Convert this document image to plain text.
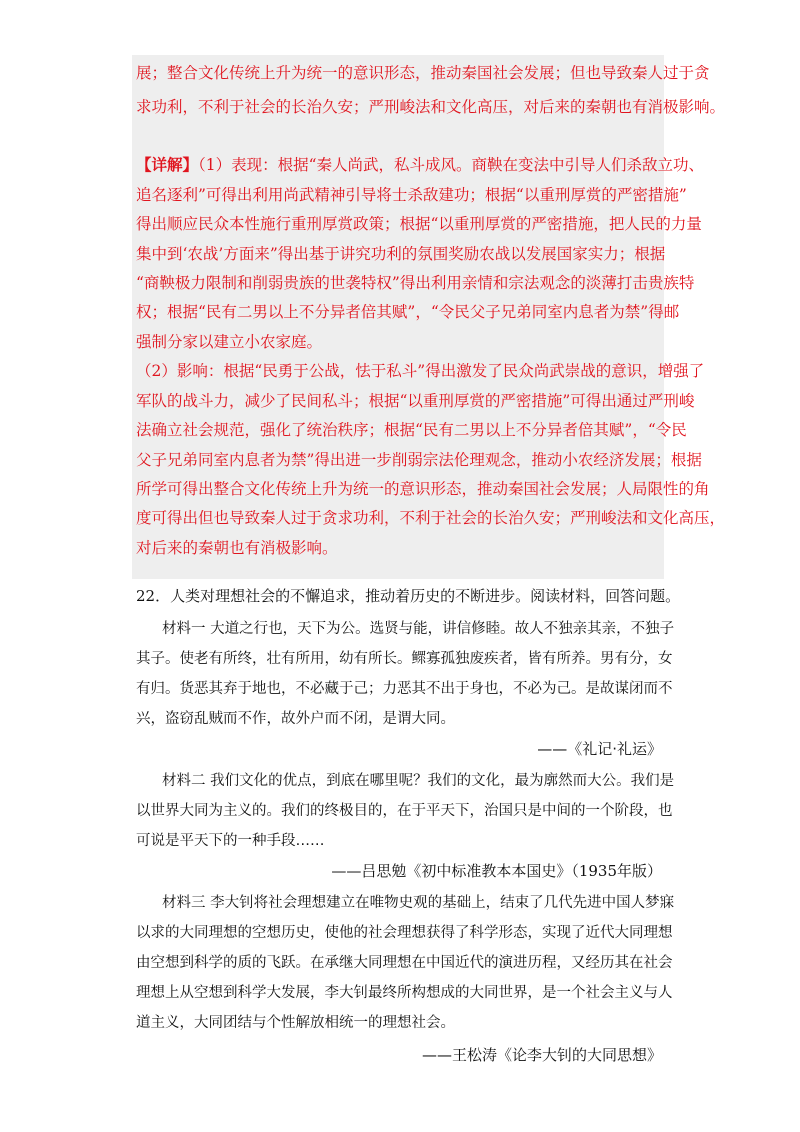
展；整合文化传统上升为统一的意识形态，推动秦国社会发展；但也导致秦人过于贪
求功利，不利于社会的长治久安；严刑峻法和文化高压，对后来的秦朝也有消极影响。
【详解】（1）表现：根据“秦人尚武，私斗成风。商鞅在变法中引导人们杀敌立功、
追名逐利”可得出利用尚武精神引导将士杀敌建功；根据“以重刑厚赏的严密措施”
得出顺应民众本性施行重刑厚赏政策；根据“以重刑厚赏的严密措施，把人民的力量
集中到‘农战’方面来”得出基于讲究功利的氛围奖励农战以发展国家实力；根据
“商鞅极力限制和削弱贵族的世袭特权”得出利用亲情和宗法观念的淡薄打击贵族特
权；根据“民有二男以上不分异者倍其赋”，“令民父子兄弟同室内息者为禁”得邮
强制分家以建立小农家庭。
（2）影响：根据“民勇于公战，怯于私斗”得出激发了民众尚武崇战的意识，增强了
军队的战斗力，减少了民间私斗；根据“以重刑厚赏的严密措施”可得出通过严刑峻
法确立社会规范，强化了统治秩序；根据“民有二男以上不分异者倍其赋”，“令民
父子兄弟同室内息者为禁”得出进一步削弱宗法伦理观念，推动小农经济发展；根据
所学可得出整合文化传统上升为统一的意识形态，推动秦国社会发展；人局限性的角
度可得出但也导致秦人过于贪求功利，不利于社会的长治久安；严刑峻法和文化高压，
对后来的秦朝也有消极影响。
22．人类对理想社会的不懈追求，推动着历史的不断进步。阅读材料，回答问题。
材料一 大道之行也，天下为公。选贤与能，讲信修睦。故人不独亲其亲，不独子
其子。使老有所终，壮有所用，幼有所长。鳏寡孤独废疾者，皆有所养。男有分，女
有归。货恶其弃于地也，不必藏于己；力恶其不出于身也，不必为己。是故谋闭而不
兴，盗窃乱贼而不作，故外户而不闭，是谓大同。
——《礼记·礼运》
材料二 我们文化的优点，到底在哪里呢？我们的文化，最为廓然而大公。我们是
以世界大同为主义的。我们的终极目的，在于平天下，治国只是中间的一个阶段，也
可说是平天下的一种手段……
——吕思勉《初中标准教本本国史》（1935年版）
材料三 李大钊将社会理想建立在唯物史观的基础上，结束了几代先进中国人梦寐
以求的大同理想的空想历史，使他的社会理想获得了科学形态，实现了近代大同理想
由空想到科学的质的飞跃。在承继大同理想在中国近代的演进历程，又经历其在社会
理想上从空想到科学大发展，李大钊最终所构想成的大同世界，是一个社会主义与人
道主义，大同团结与个性解放相统一的理想社会。
——王松涛《论李大钊的大同思想》
